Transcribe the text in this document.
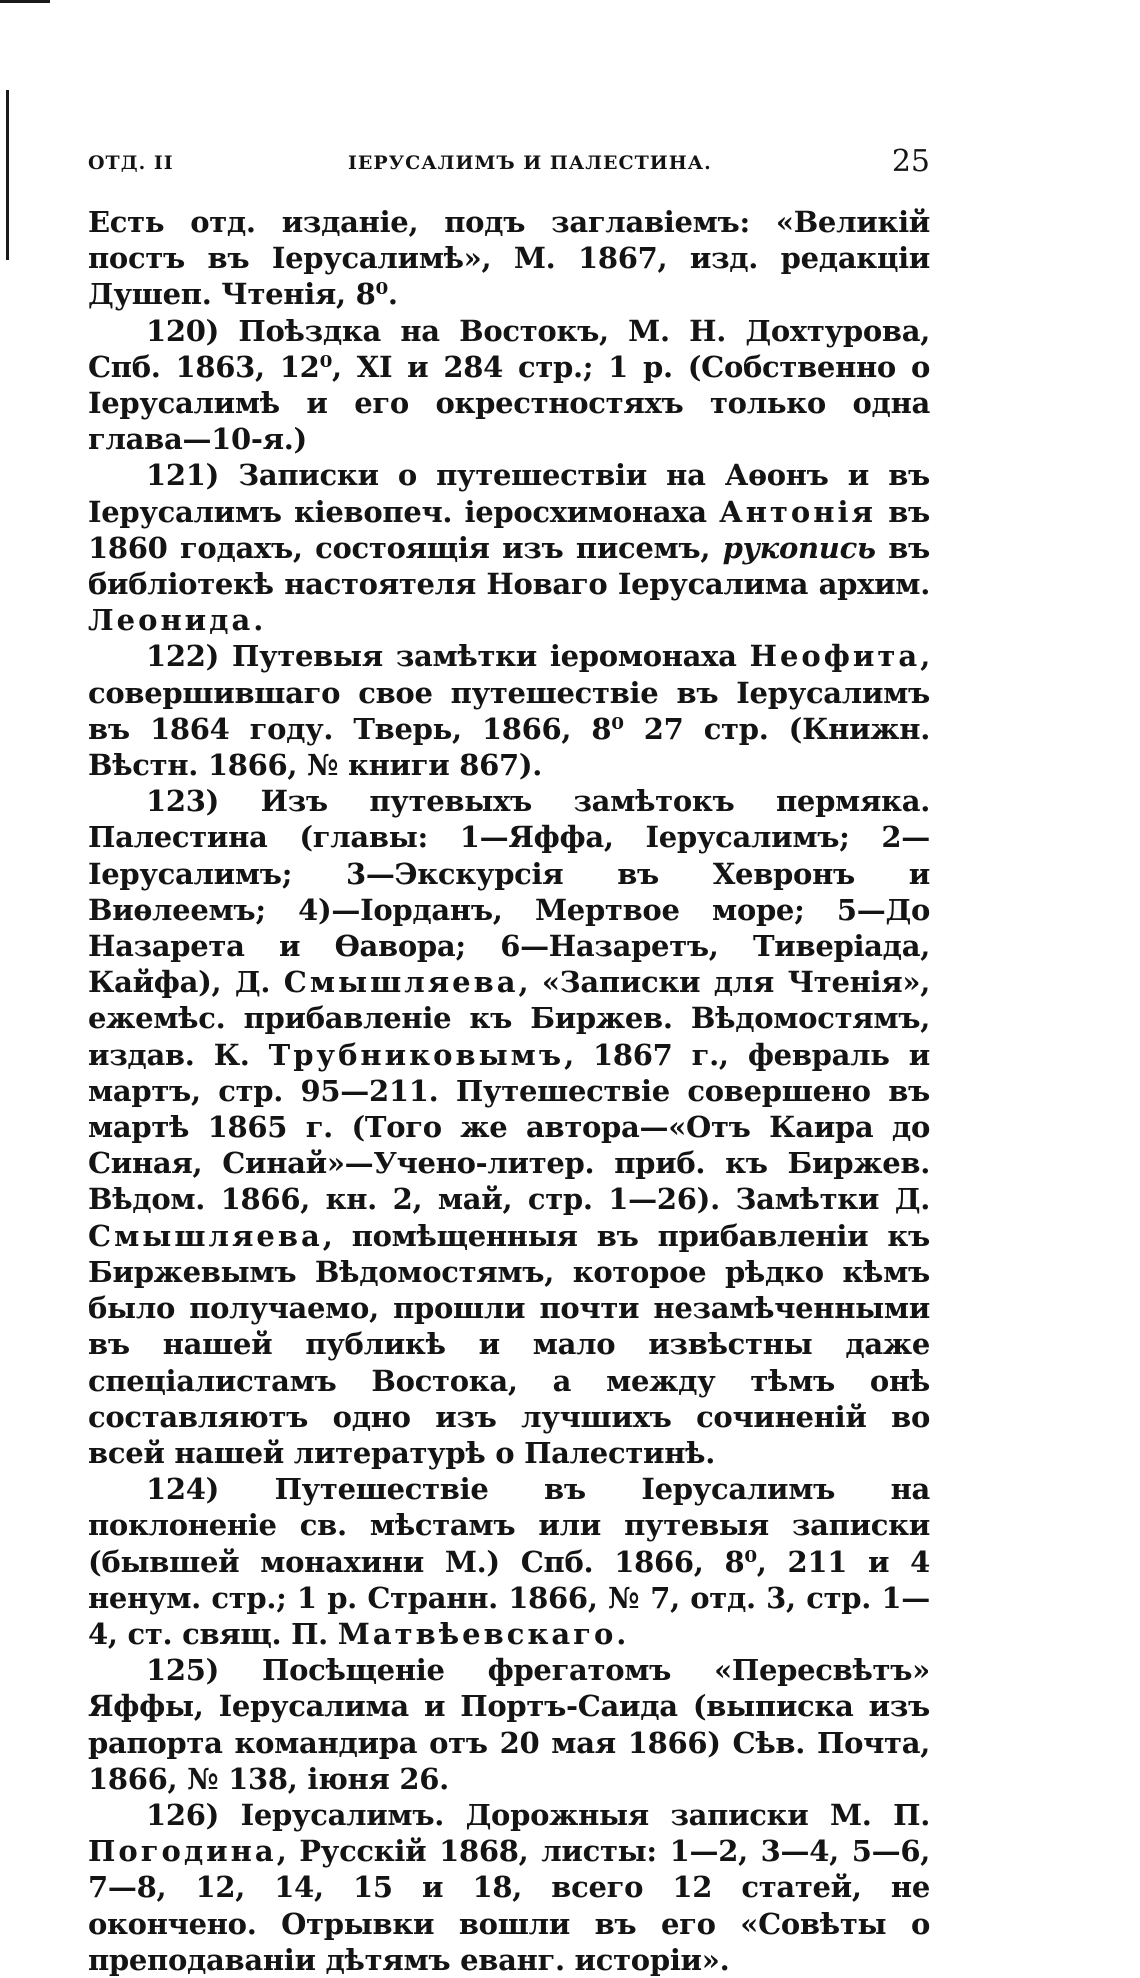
ОТД. II	ІЕРУСАЛИМЪ И ПАЛЕСТИНА.	25

Есть отд. изданіе, подъ заглавіемъ: «Великій постъ въ Іерусалимѣ», М. 1867, изд. редакціи Душеп. Чтенія, 8⁰.

120) Поѣздка на Востокъ, М. Н. Дохтурова, Спб. 1863, 12⁰, XI и 284 стр.; 1 р. (Собственно о Іерусалимѣ и его окрестностяхъ только одна глава—10-я.)

121) Записки о путешествіи на Аѳонъ и въ Іерусалимъ кіевопеч. іеросхимонаха Антонія въ 1860 годахъ, состоящія изъ писемъ, рукопись въ библіотекѣ настоятеля Новаго Іерусалима архим. Леонида.

122) Путевыя замѣтки іеромонаха Неофита, совершившаго свое путешествіе въ Іерусалимъ въ 1864 году. Тверь, 1866, 8⁰ 27 стр. (Книжн. Вѣстн. 1866, № книги 867).

123) Изъ путевыхъ замѣтокъ пермяка. Палестина (главы: 1—Яффа, Іерусалимъ; 2—Іерусалимъ; 3—Экскурсія въ Хевронъ и Виѳлеемъ; 4)—Іорданъ, Мертвое море; 5—До Назарета и Ѳавора; 6—Назаретъ, Тиверіада, Кайфа), Д. Смышляева, «Записки для Чтенія», ежемѣс. прибавленіе къ Биржев. Вѣдомостямъ, издав. К. Трубниковымъ, 1867 г., февраль и мартъ, стр. 95—211. Путешествіе совершено въ мартѣ 1865 г. (Того же автора—«Отъ Каира до Синая, Синай»—Учено-литер. приб. къ Биржев. Вѣдом. 1866, кн. 2, май, стр. 1—26). Замѣтки Д. Смышляева, помѣщенныя въ прибавленіи къ Биржевымъ Вѣдомостямъ, которое рѣдко кѣмъ было получаемо, прошли почти незамѣченными въ нашей публикѣ и мало извѣстны даже спеціалистамъ Востока, а между тѣмъ онѣ составляютъ одно изъ лучшихъ сочиненій во всей нашей литературѣ о Палестинѣ.

124) Путешествіе въ Іерусалимъ на поклоненіе св. мѣстамъ или путевыя записки (бывшей монахини М.) Спб. 1866, 8⁰, 211 и 4 ненум. стр.; 1 р. Странн. 1866, № 7, отд. 3, стр. 1—4, ст. свящ. П. Матвѣевскаго.

125) Посѣщеніе фрегатомъ «Пересвѣтъ» Яффы, Іерусалима и Портъ-Саида (выписка изъ рапорта командира отъ 20 мая 1866) Сѣв. Почта, 1866, № 138, іюня 26.

126) Іерусалимъ. Дорожныя записки М. П. Погодина, Русскій 1868, листы: 1—2, 3—4, 5—6, 7—8, 12, 14, 15 и 18, всего 12 статей, не окончено. Отрывки вошли въ его «Совѣты о преподаваніи дѣтямъ еванг. исторіи».
